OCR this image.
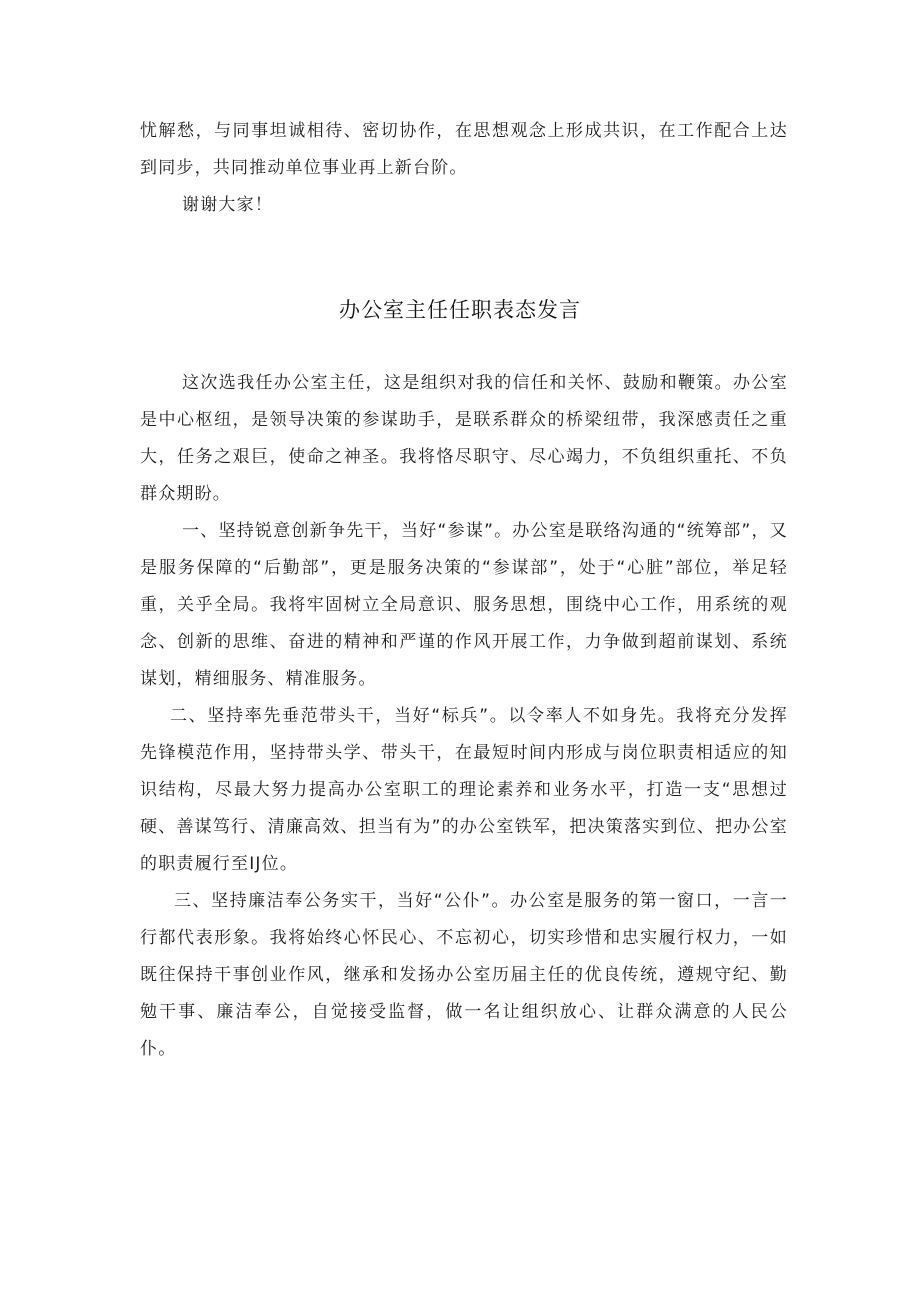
忧解愁，与同事坦诚相待、密切协作，在思想观念上形成共识，在工作配合上达到同步，共同推动单位事业再上新台阶。

谢谢大家！

办公室主任任职表态发言

这次选我任办公室主任，这是组织对我的信任和关怀、鼓励和鞭策。办公室是中心枢纽，是领导决策的参谋助手，是联系群众的桥梁纽带，我深感责任之重大，任务之艰巨，使命之神圣。我将恪尽职守、尽心竭力，不负组织重托、不负群众期盼。

一、坚持锐意创新争先干，当好“参谋”。办公室是联络沟通的“统筹部”，又是服务保障的“后勤部”，更是服务决策的“参谋部”，处于“心脏”部位，举足轻重，关乎全局。我将牢固树立全局意识、服务思想，围绕中心工作，用系统的观念、创新的思维、奋进的精神和严谨的作风开展工作，力争做到超前谋划、系统谋划，精细服务、精准服务。

二、坚持率先垂范带头干，当好“标兵”。以令率人不如身先。我将充分发挥先锋模范作用，坚持带头学、带头干，在最短时间内形成与岗位职责相适应的知识结构，尽最大努力提高办公室职工的理论素养和业务水平，打造一支“思想过硬、善谋笃行、清廉高效、担当有为”的办公室铁军，把决策落实到位、把办公室的职责履行至IJ位。

三、坚持廉洁奉公务实干，当好“公仆”。办公室是服务的第一窗口，一言一行都代表形象。我将始终心怀民心、不忘初心，切实珍惜和忠实履行权力，一如既往保持干事创业作风，继承和发扬办公室历届主任的优良传统，遵规守纪、勤勉干事、廉洁奉公，自觉接受监督，做一名让组织放心、让群众满意的人民公仆。
